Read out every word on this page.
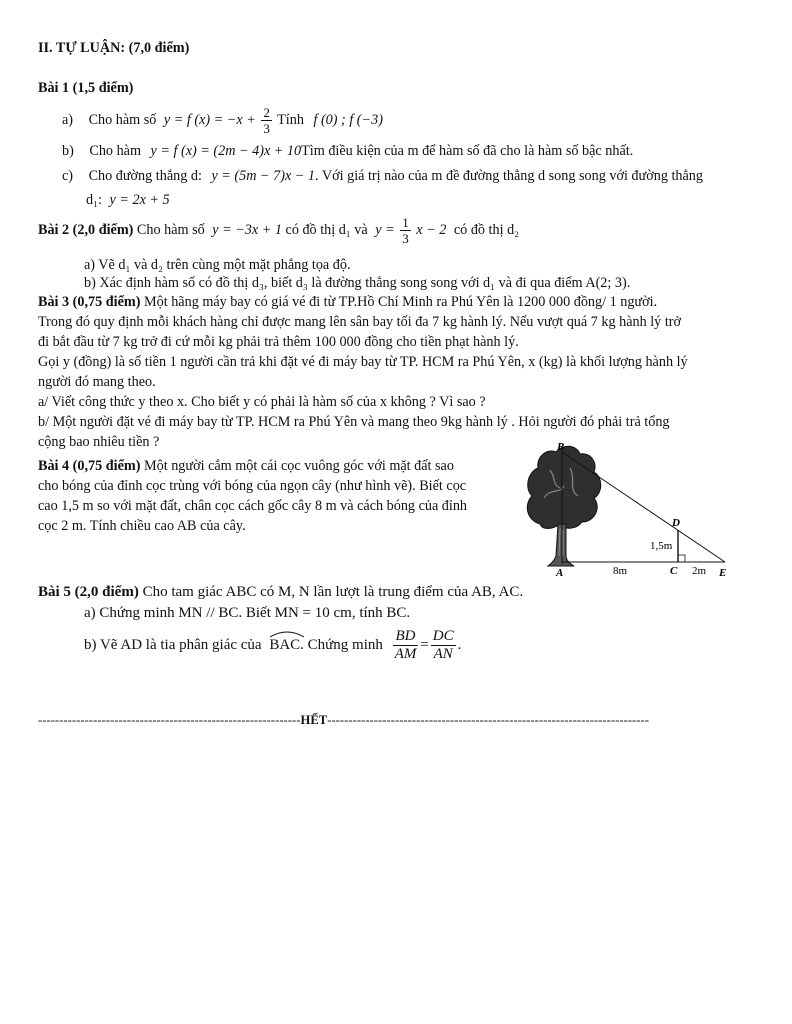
II. TỰ LUẬN: (7,0 điểm)
Bài 1 (1,5 điểm)
a) Cho hàm số y = f $(x) = -x + \frac{2}{3}$ Tính f (0) ; f (−3)
b) Cho hàm y = f (x) = (2m − 4)x + 10Tìm điều kiện của m để hàm số đã cho là hàm số bậc nhất.
c) Cho đường thẳng d: y = (5m − 7)x − 1. Với giá trị nào của m đề đường thẳng d song song với đường thẳng
d₁: y = 2x + 5
Bài 2 (2,0 điểm) Cho hàm số y = −3x + 1 có đồ thị d₁ và $y = \frac{1}{3}$ x − 2 có đồ thị d₂
a) Vẽ d₁ và d₂ trên cùng một mặt phẳng tọa độ.
b) Xác định hàm số có đồ thị d₃, biết d₃ là đường thẳng song song với d₁ và đi qua điểm A(2; 3).
Bài 3 (0,75 điểm) Một hãng máy bay có giá vé đi từ TP.Hồ Chí Minh ra Phú Yên là 1200 000 đồng/ 1 người.
Trong đó quy định mỗi khách hàng chỉ được mang lên sân bay tối đa 7 kg hành lý. Nếu vượt quá 7 kg hành lý trở
đi bắt đầu từ 7 kg trở đi cứ mỗi kg phải trả thêm 100 000 đồng cho tiền phạt hành lý.
Gọi y (đồng) là số tiền 1 người cần trả khi đặt vé đi máy bay từ TP. HCM ra Phú Yên, x (kg) là khối lượng hành lý
người đó mang theo.
a/ Viết công thức y theo x. Cho biết y có phải là hàm số của x không ? Vì sao ?
b/ Một người đặt vé đi máy bay từ TP. HCM ra Phú Yên và mang theo 9kg hành lý . Hỏi người đó phải trả tổng
cộng bao nhiêu tiền ?
Bài 4 (0,75 điểm) Một người cắm một cái cọc vuông góc với mặt đất sao
cho bóng của đỉnh cọc trùng với bóng của ngọn cây (như hình vẽ). Biết cọc
cao 1,5 m so với mặt đất, chân cọc cách gốc cây 8 m và cách bóng của đỉnh
cọc 2 m. Tính chiều cao AB của cây.
B
D
A	C	E
1,5m
8m	2m
Bài 5 (2,0 điểm) Cho tam giác ABC có M, N lần lượt là trung điểm của AB, AC.
a) Chứng minh MN // BC. Biết MN = 10 cm, tính BC.
b) Vẽ AD là tia phân giác của BAC. Chứng minh $\frac{BD}{AM} = \frac{DC}{AN}$ .
--------------------------------------------------------------HẾT----------------------------------------------------------------------------
